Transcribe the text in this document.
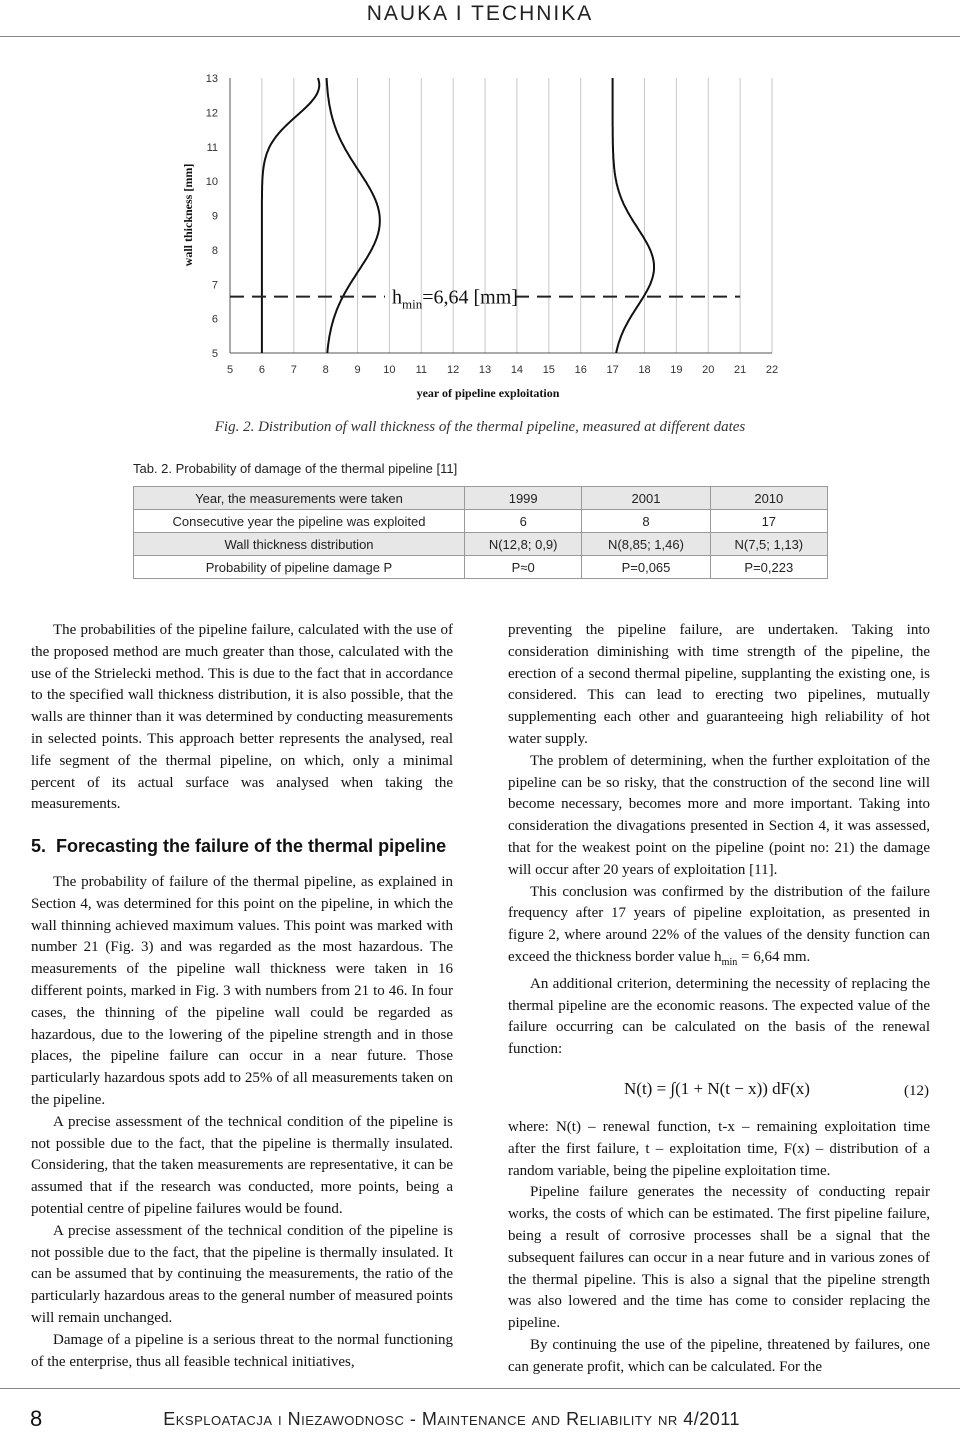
NAUKA I TECHNIKA
$h_{min}=6,64$ [mm]
5 6 7 8 9 10 11 12 13 14 15 16 17 18 19 20 21 22
5
6
7
8
9
10
11
12
13
year of pipeline exploitation
wall thickness [mm]
Fig. 2. Distribution of wall thickness of the thermal pipeline, measured at different dates
Tab. 2. Probability of damage of the thermal pipeline [11]
Year, the measurements were taken	1999	2001	2010
Consecutive year the pipeline was exploited	6	8	17
Wall thickness distribution	N(12,8; 0,9)	N(8,85; 1,46)	N(7,5; 1,13)
Probability of pipeline damage P	P≈0	P=0,065	P=0,223

The probabilities of the pipeline failure, calculated with the use of the proposed method are much greater than those, calculated with the use of the Strielecki method. This is due to the fact that in accordance to the specified wall thickness distribution, it is also possible, that the walls are thinner than it was determined by conducting measurements in selected points. This approach better represents the analysed, real life segment of the thermal pipeline, on which, only a minimal percent of its actual surface was analysed when taking the measurements.

5. Forecasting the failure of the thermal pipeline

The probability of failure of the thermal pipeline, as explained in Section 4, was determined for this point on the pipeline, in which the wall thinning achieved maximum values. This point was marked with number 21 (Fig. 3) and was regarded as the most hazardous. The measurements of the pipeline wall thickness were taken in 16 different points, marked in Fig. 3 with numbers from 21 to 46. In four cases, the thinning of the pipeline wall could be regarded as hazardous, due to the lowering of the pipeline strength and in those places, the pipeline failure can occur in a near future. Those particularly hazardous spots add to 25% of all measurements taken on the pipeline.

A precise assessment of the technical condition of the pipeline is not possible due to the fact, that the pipeline is thermally insulated. Considering, that the taken measurements are representative, it can be assumed that if the research was conducted, more points, being a potential centre of pipeline failures would be found.

A precise assessment of the technical condition of the pipeline is not possible due to the fact, that the pipeline is thermally insulated. It can be assumed that by continuing the measurements, the ratio of the particularly hazardous areas to the general number of measured points will remain unchanged.

Damage of a pipeline is a serious threat to the normal functioning of the enterprise, thus all feasible technical initiatives,

preventing the pipeline failure, are undertaken. Taking into consideration diminishing with time strength of the pipeline, the erection of a second thermal pipeline, supplanting the existing one, is considered. This can lead to erecting two pipelines, mutually supplementing each other and guaranteeing high reliability of hot water supply.

The problem of determining, when the further exploitation of the pipeline can be so risky, that the construction of the second line will become necessary, becomes more and more important. Taking into consideration the divagations presented in Section 4, it was assessed, that for the weakest point on the pipeline (point no: 21) the damage will occur after 20 years of exploitation [11].

This conclusion was confirmed by the distribution of the failure frequency after 17 years of pipeline exploitation, as presented in figure 2, where around 22% of the values of the density function can exceed the thickness border value $h_{min} = 6,64$ mm.

An additional criterion, determining the necessity of replacing the thermal pipeline are the economic reasons. The expected value of the failure occurring can be calculated on the basis of the renewal function:

N(t) = ∫(1 + N(t − x)) dF(x)	(12)

where: N(t) – renewal function, t-x – remaining exploitation time after the first failure, t – exploitation time, F(x) – distribution of a random variable, being the pipeline exploitation time.

Pipeline failure generates the necessity of conducting repair works, the costs of which can be estimated. The first pipeline failure, being a result of corrosive processes shall be a signal that the subsequent failures can occur in a near future and in various zones of the thermal pipeline. This is also a signal that the pipeline strength was also lowered and the time has come to consider replacing the pipeline.

By continuing the use of the pipeline, threatened by failures, one can generate profit, which can be calculated. For the

8	Eksploatacja i Niezawodnosc - Maintenance and Reliability nr 4/2011
